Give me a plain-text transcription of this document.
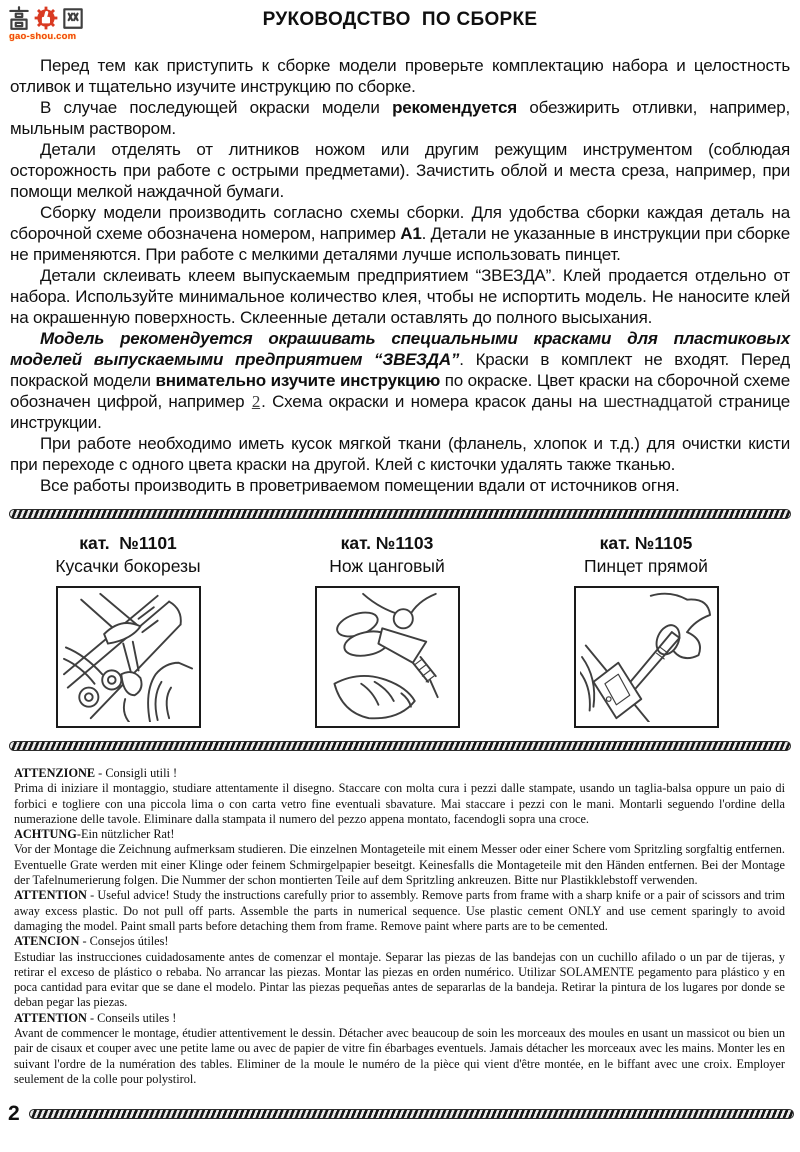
gao-shou.com
РУКОВОДСТВО  ПО СБОРКЕ

Перед тем как приступить к сборке модели проверьте комплектацию набора и целостность отливок и тщательно изучите инструкцию по сборке.

В случае последующей окраски модели рекомендуется обезжирить отливки, например, мыльным раствором.

Детали отделять от литников ножом или другим режущим инструментом (соблюдая осторожность при работе с острыми предметами). Зачистить облой и места среза, например, при помощи мелкой наждачной бумаги.

Сборку модели производить согласно схемы сборки. Для удобства сборки каждая деталь на сборочной схеме обозначена номером, например А1. Детали не указанные в инструкции при сборке не применяются. При работе с мелкими деталями лучше использовать пинцет.

Детали склеивать клеем выпускаемым предприятием “ЗВЕЗДА”. Клей продается отдельно от набора. Используйте минимальное количество клея, чтобы не испортить модель. Не наносите клей на окрашенную поверхность. Склеенные детали оставлять до полного высыхания.

Модель рекомендуется окрашивать специальными красками для пластиковых моделей выпускаемыми предприятием “ЗВЕЗДА”. Краски в комплект не входят. Перед покраской модели внимательно изучите инструкцию по окраске. Цвет краски на сборочной схеме обозначен цифрой, например 2. Схема окраски и номера красок даны на шестнадцатой странице инструкции.

При работе необходимо иметь кусок мягкой ткани (фланель, хлопок и т.д.) для очистки кисти при переходе с одного цвета краски на другой. Клей с кисточки удалять также тканью.

Все работы производить в проветриваемом помещении вдали от источников огня.

кат.  №1101
Кусачки бокорезы
кат. №1103
Нож цанговый
кат. №1105
Пинцет прямой

ATTENZIONE - Consigli utili !

Prima di iniziare il montaggio, studiare attentamente il disegno. Staccare con molta cura i pezzi dalle stampate, usando un taglia-balsa oppure un paio di forbici e togliere con una piccola lima o con carta vetro fine eventuali sbavature. Mai staccare i pezzi con le mani. Montarli seguendo l'ordine della numerazione delle tavole. Eliminare dalla stampata il numero del pezzo appena montato, facendogli sopra una croce.

ACHTUNG-Ein nützlicher Rat!

Vor der Montage die Zeichnung aufmerksam studieren. Die einzelnen Montageteile mit einem Messer oder einer Schere vom Spritzling sorgfaltig entfernen. Eventuelle Grate werden mit einer Klinge oder feinem Schmirgelpapier beseitgt. Keinesfalls die Montageteile mit den Händen entfernen. Bei der Montage der Tafelnumerierung folgen. Die Nummer der schon montierten Teile auf dem Spritzling ankreuzen. Bitte nur Plastikklebstoff verwenden.

ATTENTION - Useful advice! Study the instructions carefully prior to assembly. Remove parts from frame with a sharp knife or a pair of scissors and trim away excess plastic. Do not pull off parts. Assemble the parts in numerical sequence. Use plastic cement ONLY and use cement sparingly to avoid damaging the model. Paint small parts before detaching them from frame. Remove paint where parts are to be cemented.

ATENCION - Consejos útiles!

Estudiar las instrucciones cuidadosamente antes de comenzar el montaje. Separar las piezas de las bandejas con un cuchillo afilado o un par de tijeras, y retirar el exceso de plástico o rebaba. No arrancar las piezas. Montar las piezas en orden numérico. Utilizar SOLAMENTE pegamento para plástico y en poca cantidad para evitar que se dane el modelo. Pintar las piezas pequeñas antes de separarlas de la bandeja. Retirar la pintura de los lugares por donde se deban pegar las piezas.

ATTENTION - Conseils utiles !

Avant de commencer le montage, étudier attentivement le dessin. Détacher avec beaucoup de soin les morceaux des moules en usant un massicot ou bien un pair de cisaux et couper avec une petite lame ou avec de papier de vitre fin ébarbages eventuels. Jamais détacher les morceaux avec les mains. Monter les en suivant l'ordre de la numération des tables. Eliminer de la moule le numéro de la pièce qui vient d'être montée, en le biffant avec une croix. Employer seulement de la colle pour polystirol.

2
